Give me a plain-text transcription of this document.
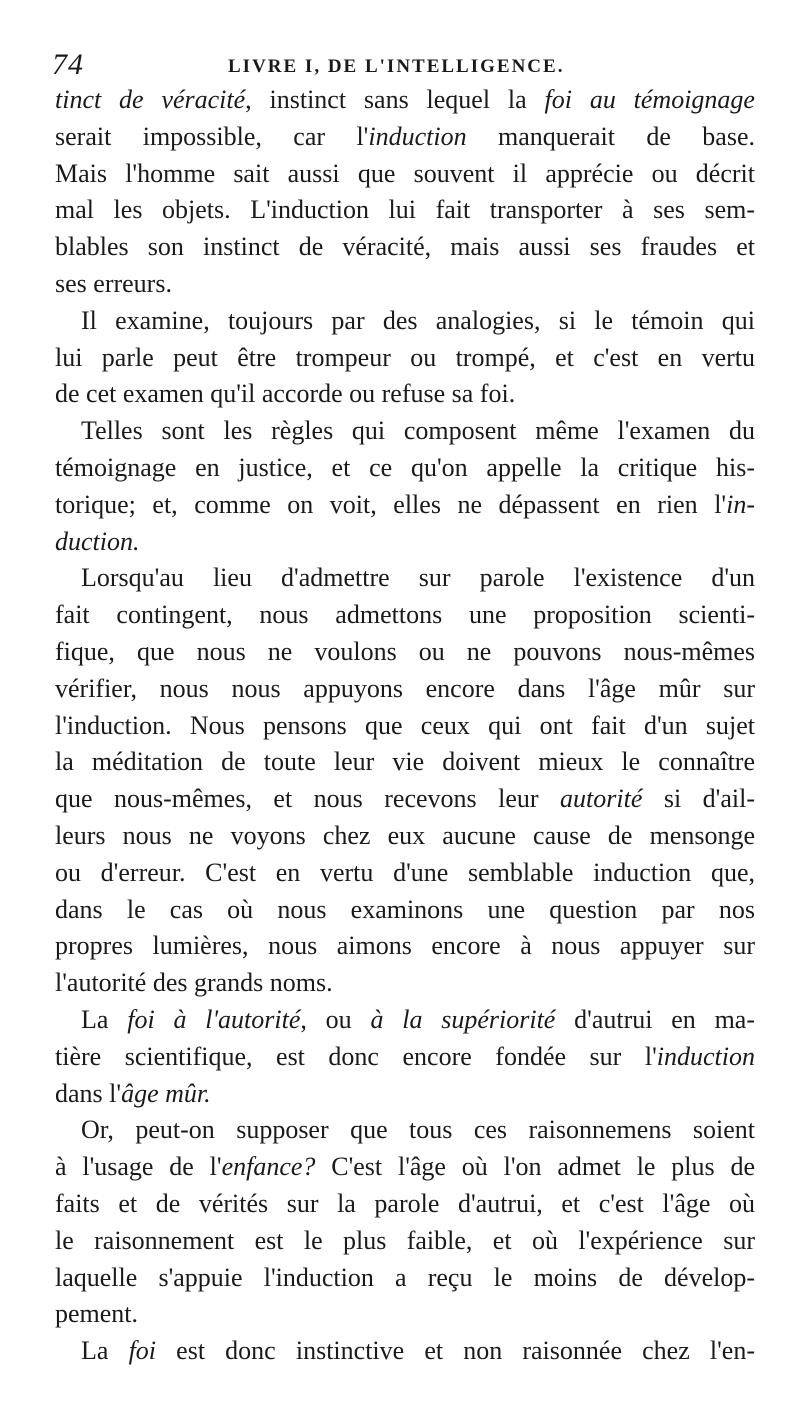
74	LIVRE I, DE L'INTELLIGENCE.
tinct de véracité, instinct sans lequel la foi au témoignage
serait impossible, car l'induction manquerait de base.
Mais l'homme sait aussi que souvent il apprécie ou décrit
mal les objets. L'induction lui fait transporter à ses sem-
blables son instinct de véracité, mais aussi ses fraudes et
ses erreurs.
Il examine, toujours par des analogies, si le témoin qui
lui parle peut être trompeur ou trompé, et c'est en vertu
de cet examen qu'il accorde ou refuse sa foi.
Telles sont les règles qui composent même l'examen du
témoignage en justice, et ce qu'on appelle la critique his-
torique; et, comme on voit, elles ne dépassent en rien l'in-
duction.
Lorsqu'au lieu d'admettre sur parole l'existence d'un
fait contingent, nous admettons une proposition scienti-
fique, que nous ne voulons ou ne pouvons nous-mêmes
vérifier, nous nous appuyons encore dans l'âge mûr sur
l'induction. Nous pensons que ceux qui ont fait d'un sujet
la méditation de toute leur vie doivent mieux le connaître
que nous-mêmes, et nous recevons leur autorité si d'ail-
leurs nous ne voyons chez eux aucune cause de mensonge
ou d'erreur. C'est en vertu d'une semblable induction que,
dans le cas où nous examinons une question par nos
propres lumières, nous aimons encore à nous appuyer sur
l'autorité des grands noms.
La foi à l'autorité, ou à la supériorité d'autrui en ma-
tière scientifique, est donc encore fondée sur l'induction
dans l'âge mûr.
Or, peut-on supposer que tous ces raisonnemens soient
à l'usage de l'enfance? C'est l'âge où l'on admet le plus de
faits et de vérités sur la parole d'autrui, et c'est l'âge où
le raisonnement est le plus faible, et où l'expérience sur
laquelle s'appuie l'induction a reçu le moins de dévelop-
pement.
La foi est donc instinctive et non raisonnée chez l'en-
